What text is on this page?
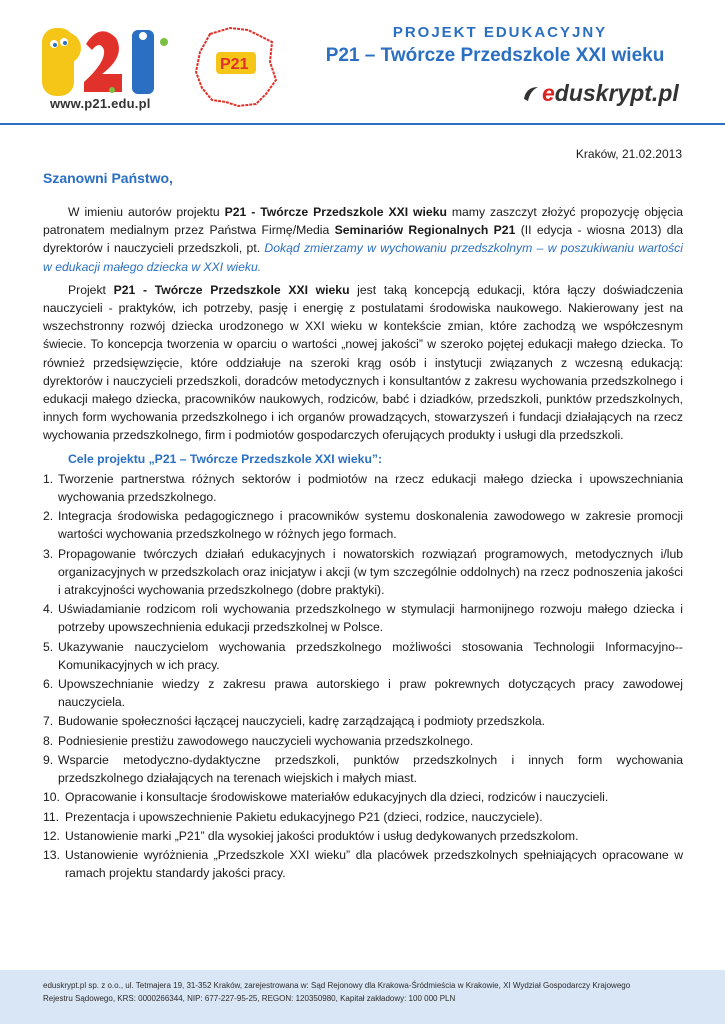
www.p21.edu.pl
P21
PROJEKT EDUKACYJNY
P21 – Twórcze Przedszkole XXI wieku
eduskrypt.pl
Kraków, 21.02.2013
Szanowni Państwo,

W imieniu autorów projektu P21 - Twórcze Przedszkole XXI wieku mamy zaszczyt złożyć propozycję objęcia patronatem medialnym przez Państwa Firmę/Media Seminariów Regionalnych P21 (II edycja - wiosna 2013) dla dyrektorów i nauczycieli przedszkoli, pt. Dokąd zmierzamy w wychowaniu przedszkolnym – w poszukiwaniu wartości w edukacji małego dziecka w XXI wieku.

Projekt P21 - Twórcze Przedszkole XXI wieku jest taką koncepcją edukacji, która łączy doświadczenia nauczycieli - praktyków, ich potrzeby, pasję i energię z postulatami środowiska naukowego. Nakierowany jest na wszechstronny rozwój dziecka urodzonego w XXI wieku w kontekście zmian, które zachodzą we współczesnym świecie. To koncepcja tworzenia w oparciu o wartości „nowej jakości” w szeroko pojętej edukacji małego dziecka. To również przedsięwzięcie, które oddziałuje na szeroki krąg osób i instytucji związanych z wczesną edukacją: dyrektorów i nauczycieli przedszkoli, doradców metodycznych i konsultantów z zakresu wychowania przedszkolnego i edukacji małego dziecka, pracowników naukowych, rodziców, babć i dziadków, przedszkoli, punktów przedszkolnych, innych form wychowania przedszkolnego i ich organów prowadzących, stowarzyszeń i fundacji działających na rzecz wychowania przedszkolnego, firm i podmiotów gospodarczych oferujących produkty i usługi dla przedszkoli.

Cele projektu „P21 – Twórcze Przedszkole XXI wieku”:
1. Tworzenie partnerstwa różnych sektorów i podmiotów na rzecz edukacji małego dziecka i upowszechniania wychowania przedszkolnego.
2. Integracja środowiska pedagogicznego i pracowników systemu doskonalenia zawodowego w zakresie promocji wartości wychowania przedszkolnego w różnych jego formach.
3. Propagowanie twórczych działań edukacyjnych i nowatorskich rozwiązań programowych, metodycznych i/lub organizacyjnych w przedszkolach oraz inicjatyw i akcji (w tym szczególnie oddolnych) na rzecz podnoszenia jakości i atrakcyjności wychowania przedszkolnego (dobre praktyki).
4. Uświadamianie rodzicom roli wychowania przedszkolnego w stymulacji harmonijnego rozwoju małego dziecka i potrzeby upowszechnienia edukacji przedszkolnej w Polsce.
5. Ukazywanie nauczycielom wychowania przedszkolnego możliwości stosowania Technologii Informacyjno--Komunikacyjnych w ich pracy.
6. Upowszechnianie wiedzy z zakresu prawa autorskiego i praw pokrewnych dotyczących pracy zawodowej nauczyciela.
7. Budowanie społeczności łączącej nauczycieli, kadrę zarządzającą i podmioty przedszkola.
8. Podniesienie prestiżu zawodowego nauczycieli wychowania przedszkolnego.
9. Wsparcie metodyczno-dydaktyczne przedszkoli, punktów przedszkolnych i innych form wychowania przedszkolnego działających na terenach wiejskich i małych miast.
10. Opracowanie i konsultacje środowiskowe materiałów edukacyjnych dla dzieci, rodziców i nauczycieli.
11. Prezentacja i upowszechnienie Pakietu edukacyjnego P21 (dzieci, rodzice, nauczyciele).
12. Ustanowienie marki „P21” dla wysokiej jakości produktów i usług dedykowanych przedszkolom.
13. Ustanowienie wyróżnienia „Przedszkole XXI wieku” dla placówek przedszkolnych spełniających opracowane w ramach projektu standardy jakości pracy.
eduskrypt.pl sp. z o.o., ul. Tetmajera 19, 31-352 Kraków, zarejestrowana w: Sąd Rejonowy dla Krakowa-Śródmieścia w Krakowie, XI Wydział Gospodarczy Krajowego
Rejestru Sądowego, KRS: 0000266344, NIP: 677-227-95-25, REGON: 120350980, Kapitał zakładowy: 100 000 PLN
